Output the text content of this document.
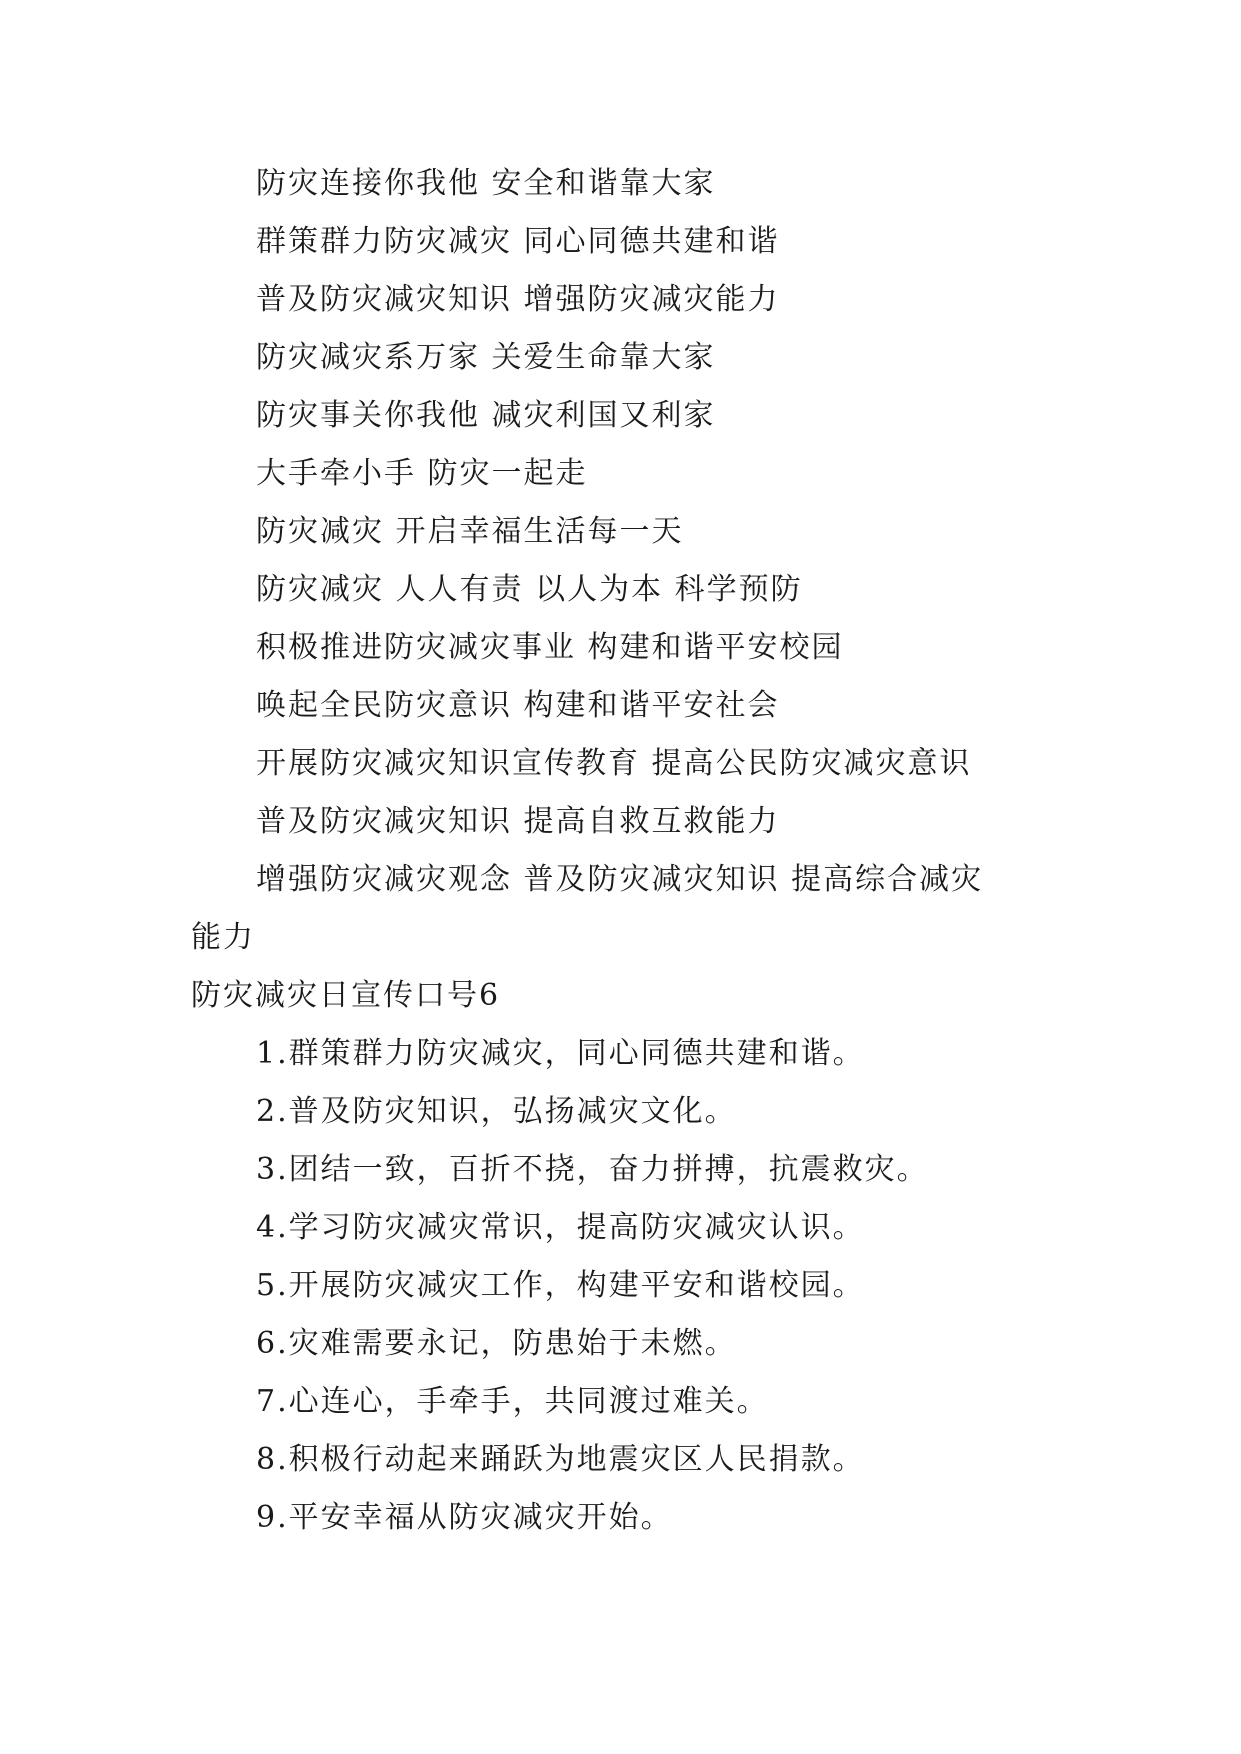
防灾连接你我他 安全和谐靠大家
群策群力防灾减灾 同心同德共建和谐
普及防灾减灾知识 增强防灾减灾能力
防灾减灾系万家 关爱生命靠大家
防灾事关你我他 减灾利国又利家
大手牵小手 防灾一起走
防灾减灾 开启幸福生活每一天
防灾减灾 人人有责 以人为本 科学预防
积极推进防灾减灾事业 构建和谐平安校园
唤起全民防灾意识 构建和谐平安社会
开展防灾减灾知识宣传教育 提高公民防灾减灾意识
普及防灾减灾知识 提高自救互救能力
增强防灾减灾观念 普及防灾减灾知识 提高综合减灾
能力
防灾减灾日宣传口号6
1.群策群力防灾减灾，同心同德共建和谐。
2.普及防灾知识，弘扬减灾文化。
3.团结一致，百折不挠，奋力拼搏，抗震救灾。
4.学习防灾减灾常识，提高防灾减灾认识。
5.开展防灾减灾工作，构建平安和谐校园。
6.灾难需要永记，防患始于未燃。
7.心连心，手牵手，共同渡过难关。
8.积极行动起来踊跃为地震灾区人民捐款。
9.平安幸福从防灾减灾开始。
